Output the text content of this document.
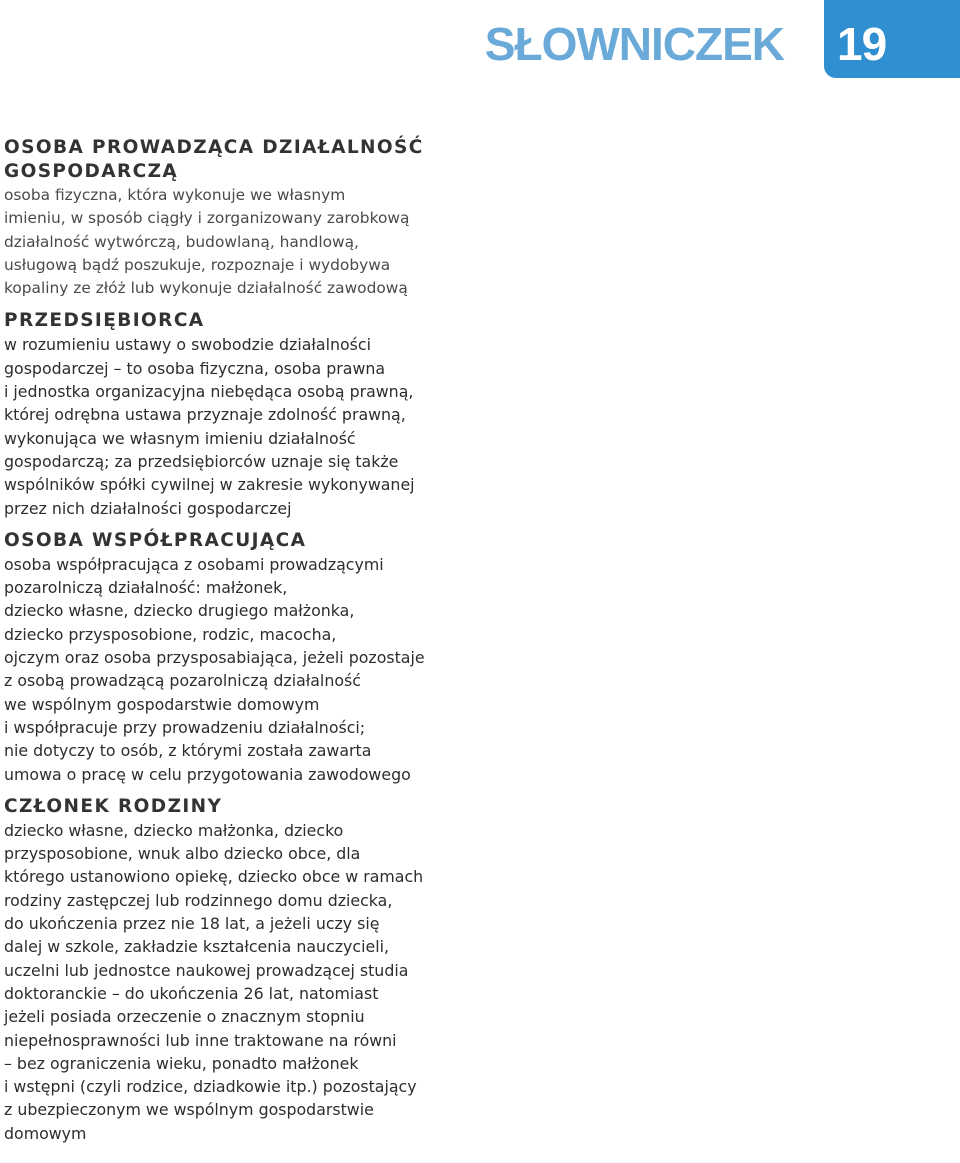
SŁOWNICZEK 19
OSOBA PROWADZĄCA DZIAŁALNOŚĆ
GOSPODARCZĄ
osoba fizyczna, która wykonuje we własnym
imieniu, w sposób ciągły i zorganizowany zarobkową
działalność wytwórczą, budowlaną, handlową,
usługową bądź poszukuje, rozpoznaje i wydobywa
kopaliny ze złóż lub wykonuje działalność zawodową
PRZEDSIĘBIORCA
w rozumieniu ustawy o swobodzie działalności
gospodarczej – to osoba fizyczna, osoba prawna
i jednostka organizacyjna niebędąca osobą prawną,
której odrębna ustawa przyznaje zdolność prawną,
wykonująca we własnym imieniu działalność
gospodarczą; za przedsiębiorców uznaje się także
wspólników spółki cywilnej w zakresie wykonywanej
przez nich działalności gospodarczej
OSOBA WSPÓŁPRACUJĄCA
osoba współpracująca z osobami prowadzącymi
pozarolniczą działalność: małżonek,
dziecko własne, dziecko drugiego małżonka,
dziecko przysposobione, rodzic, macocha,
ojczym oraz osoba przysposabiająca, jeżeli pozostaje
z osobą prowadzącą pozarolniczą działalność
we wspólnym gospodarstwie domowym
i współpracuje przy prowadzeniu działalności;
nie dotyczy to osób, z którymi została zawarta
umowa o pracę w celu przygotowania zawodowego
CZŁONEK RODZINY
dziecko własne, dziecko małżonka, dziecko
przysposobione, wnuk albo dziecko obce, dla
którego ustanowiono opiekę, dziecko obce w ramach
rodziny zastępczej lub rodzinnego domu dziecka,
do ukończenia przez nie 18 lat, a jeżeli uczy się
dalej w szkole, zakładzie kształcenia nauczycieli,
uczelni lub jednostce naukowej prowadzącej studia
doktoranckie – do ukończenia 26 lat, natomiast
jeżeli posiada orzeczenie o znacznym stopniu
niepełnosprawności lub inne traktowane na równi
– bez ograniczenia wieku, ponadto małżonek
i wstępni (czyli rodzice, dziadkowie itp.) pozostający
z ubezpieczonym we wspólnym gospodarstwie
domowym
